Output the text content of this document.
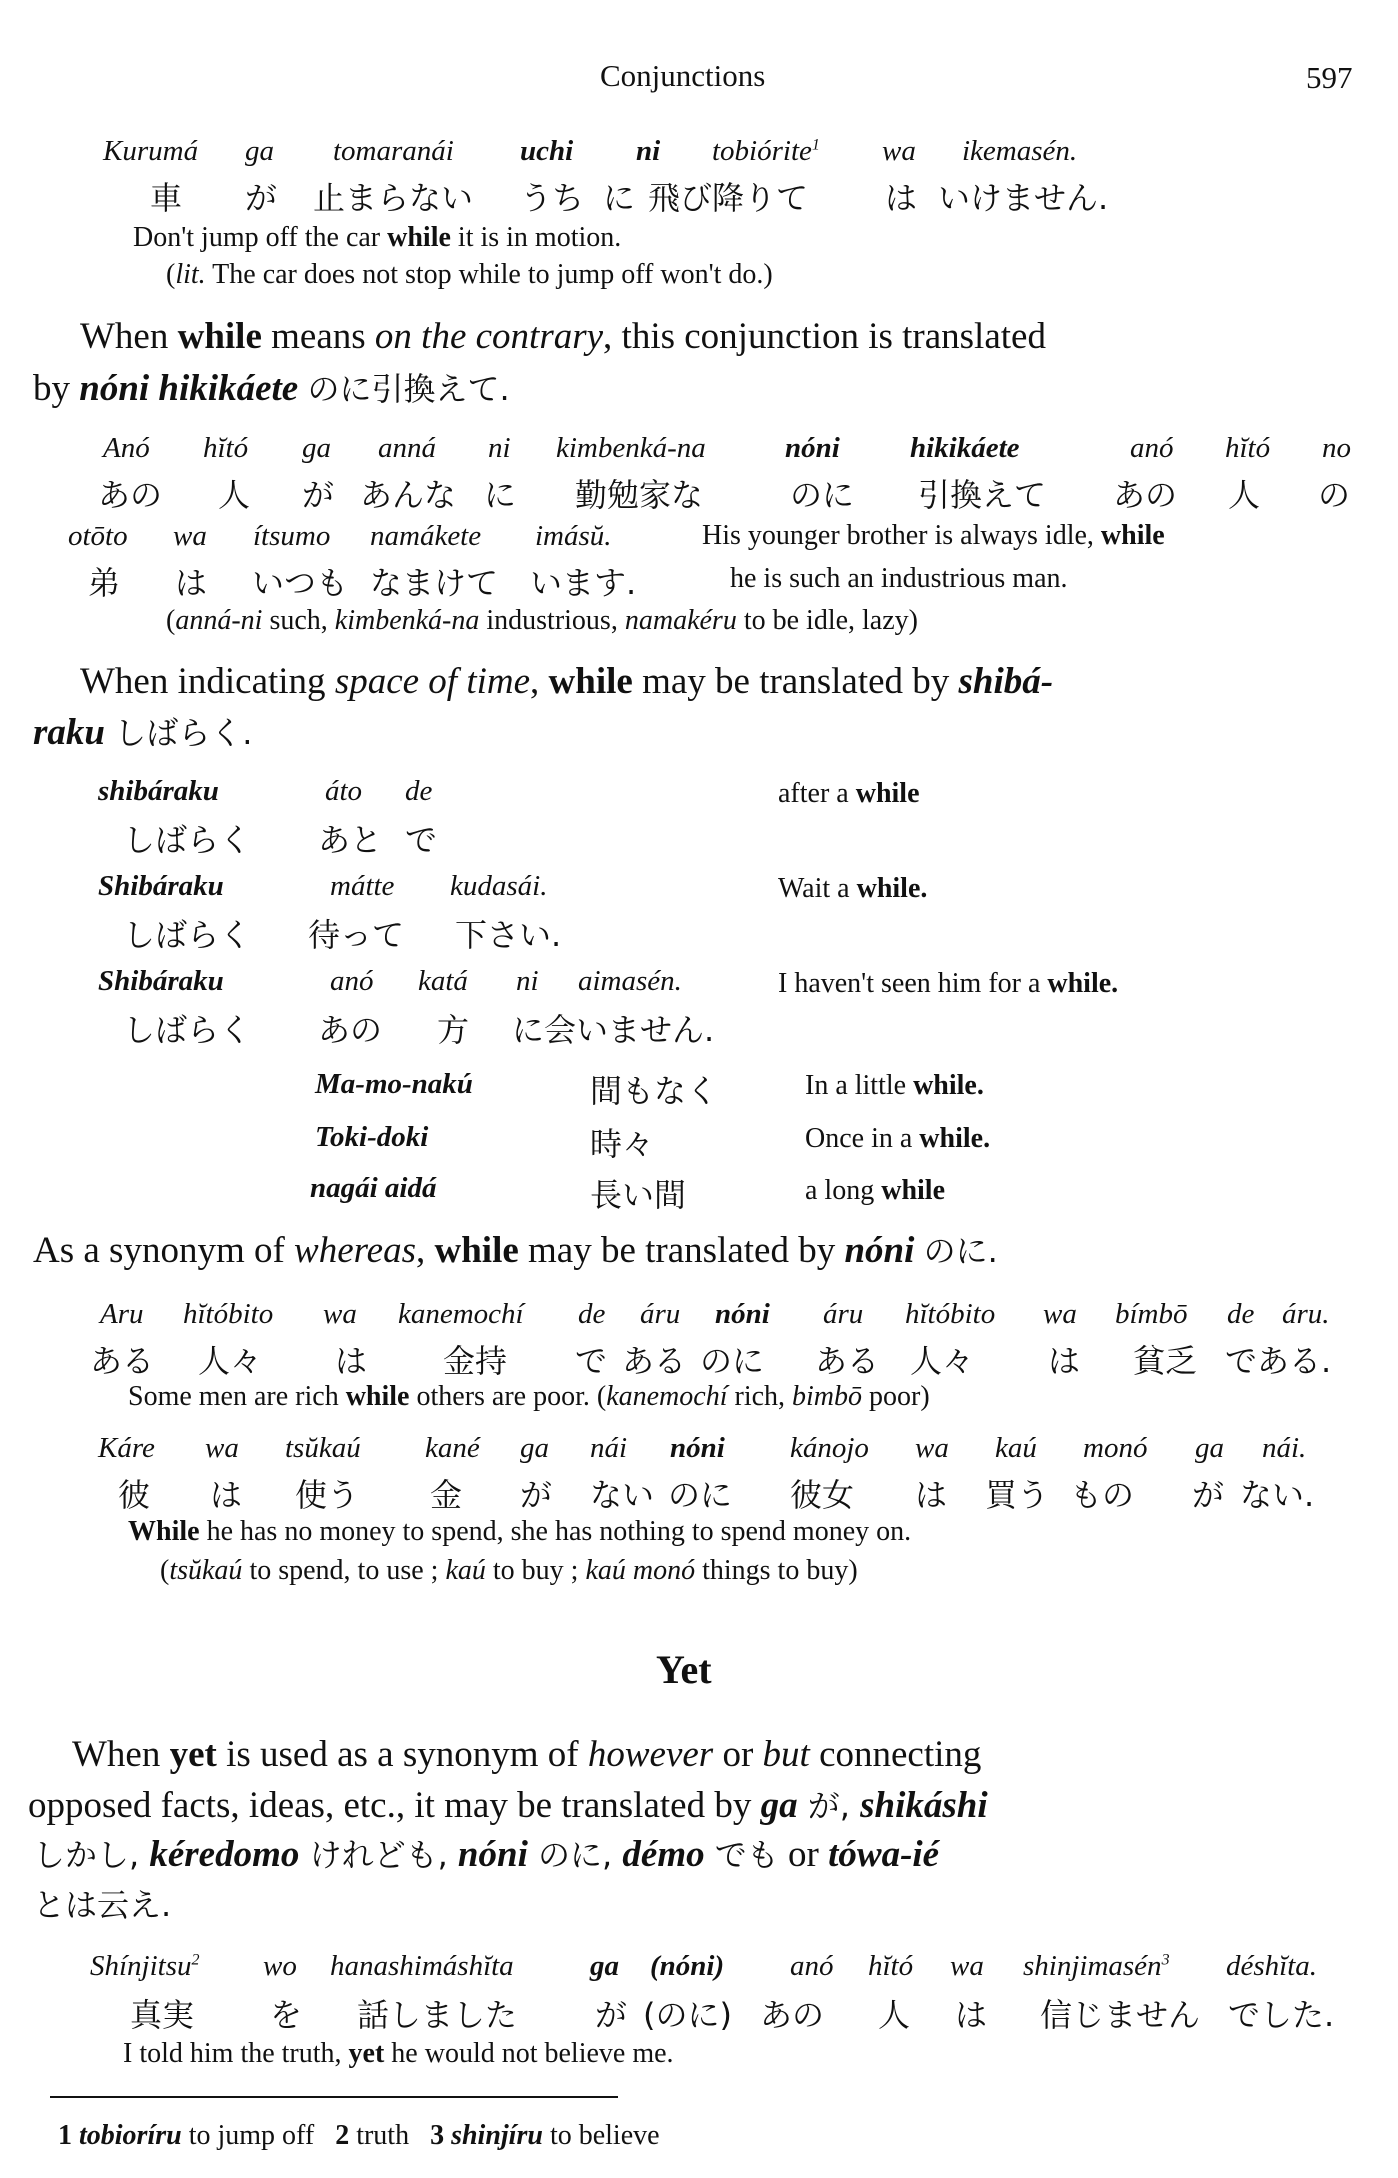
Conjunctions	597
Kurumá ga tomaranái uchi ni tobiórite$^1$ wa ikemasén.
車 が 止まらない うち に 飛び降りて は いけません.
Don't jump off the car while it is in motion.
(lit. The car does not stop while to jump off won't do.)
When while means on the contrary, this conjunction is translated
by nóni hikikáete のに引換えて.
Anó hĭtó ga anná ni kimbenká-na	nóni hikikáete	anó hĭtó no
あの 人 が あんな に 勤勉家な	のに 引換えて あの 人 の
otōto wa ítsumo namákete imásŭ.
弟 は いつも なまけて います.
His younger brother is always idle, while
he is such an industrious man.
(anná-ni such, kimbenká-na industrious, namakéru to be idle, lazy)
When indicating space of time, while may be translated by shibá-
raku しばらく.
shibáraku	áto de
しばらく あと で
after a while
Shibáraku	mátte kudasái.
しばらく 待って 下さい.
Wait a while.
Shibáraku	anó katá ni aimasén.
しばらく あの 方 に会いません.
I haven't seen him for a while.
Ma-mo-nakú	間もなく	In a little while.
Toki-doki	時々	Once in a while.
nagái aidá	長い間	a long while
As a synonym of whereas, while may be translated by nóni のに.
Aru hĭtóbito wa kanemochí de áru nóni áru hĭtóbito wa bímbō de áru.
ある 人々 は 金持 で ある のに ある 人々 は 貧乏 である.
Some men are rich while others are poor. (kanemochí rich, bimbō poor)
Káre wa tsŭkaú kané ga nái nóni kánojo wa kaú monó ga nái.
彼 は 使う 金 が ない のに 彼女 は 買う もの が ない.
While he has no money to spend, she has nothing to spend money on.
(tsŭkaú to spend, to use ; kaú to buy ; kaú monó things to buy)
Yet
When yet is used as a synonym of however or but connecting
opposed facts, ideas, etc., it may be translated by ga が, shikáshi
しかし, kéredomo けれども, nóni のに, démo でも or tówa-ié
とは云え.
Shínjitsu$^2$ wo hanashimáshĭta	ga (nóni) anó hĭtó wa shinjimasén$^3$ déshĭta.
真実 を 話しました が (のに) あの 人 は 信じません でした.
I told him the truth, yet he would not believe me.
1 tobioríru to jump off 2 truth 3 shinjíru to believe
